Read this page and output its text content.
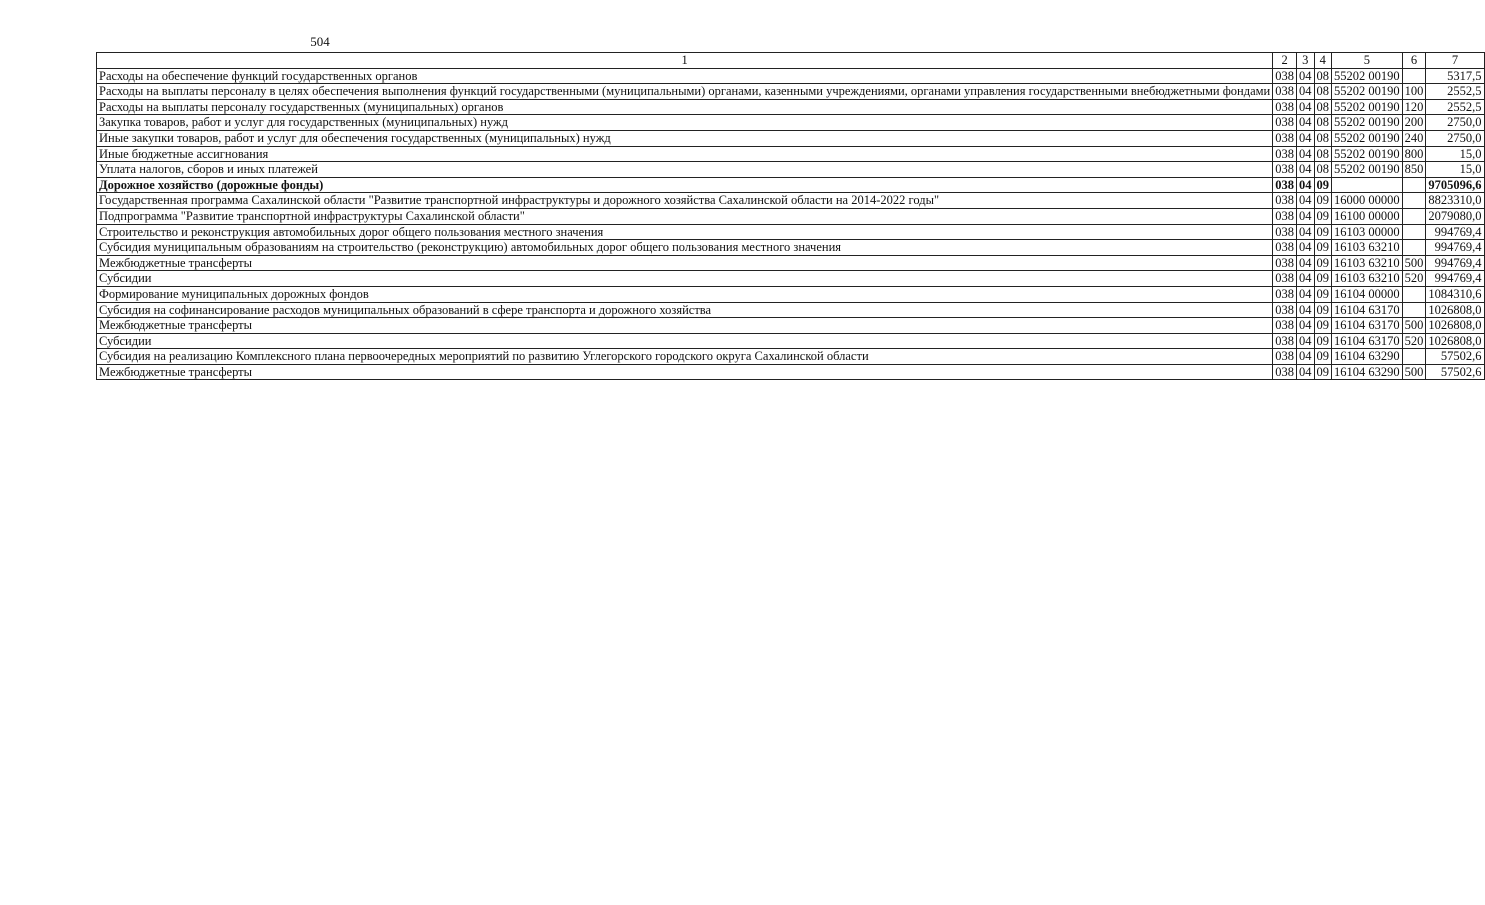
504
1	2	3	4	5	6	7
Расходы на обеспечение функций государственных органов	038	04	08	55202 00190		5317,5
Расходы на выплаты персоналу в целях обеспечения выполнения функций государственными (муниципальными) органами, казенными учреждениями, органами управления государственными внебюджетными фондами	038	04	08	55202 00190	100	2552,5
Расходы на выплаты персоналу государственных (муниципальных) органов	038	04	08	55202 00190	120	2552,5
Закупка товаров, работ и услуг для государственных (муниципальных) нужд	038	04	08	55202 00190	200	2750,0
Иные закупки товаров, работ и услуг для обеспечения государственных (муниципальных) нужд	038	04	08	55202 00190	240	2750,0
Иные бюджетные ассигнования	038	04	08	55202 00190	800	15,0
Уплата налогов, сборов и иных платежей	038	04	08	55202 00190	850	15,0
Дорожное хозяйство (дорожные фонды)	038	04	09			9705096,6
Государственная программа Сахалинской области "Развитие транспортной инфраструктуры и дорожного хозяйства Сахалинской области на 2014-2022 годы"	038	04	09	16000 00000		8823310,0
Подпрограмма "Развитие транспортной инфраструктуры Сахалинской области"	038	04	09	16100 00000		2079080,0
Строительство и реконструкция автомобильных дорог общего пользования местного значения	038	04	09	16103 00000		994769,4
Субсидия муниципальным образованиям на строительство (реконструкцию) автомобильных дорог общего пользования местного значения	038	04	09	16103 63210		994769,4
Межбюджетные трансферты	038	04	09	16103 63210	500	994769,4
Субсидии	038	04	09	16103 63210	520	994769,4
Формирование муниципальных дорожных фондов	038	04	09	16104 00000		1084310,6
Субсидия на софинансирование расходов муниципальных образований в сфере транспорта и дорожного хозяйства	038	04	09	16104 63170		1026808,0
Межбюджетные трансферты	038	04	09	16104 63170	500	1026808,0
Субсидии	038	04	09	16104 63170	520	1026808,0
Субсидия на реализацию Комплексного плана первоочередных мероприятий по развитию Углегорского городского округа Сахалинской области	038	04	09	16104 63290		57502,6
Межбюджетные трансферты	038	04	09	16104 63290	500	57502,6
